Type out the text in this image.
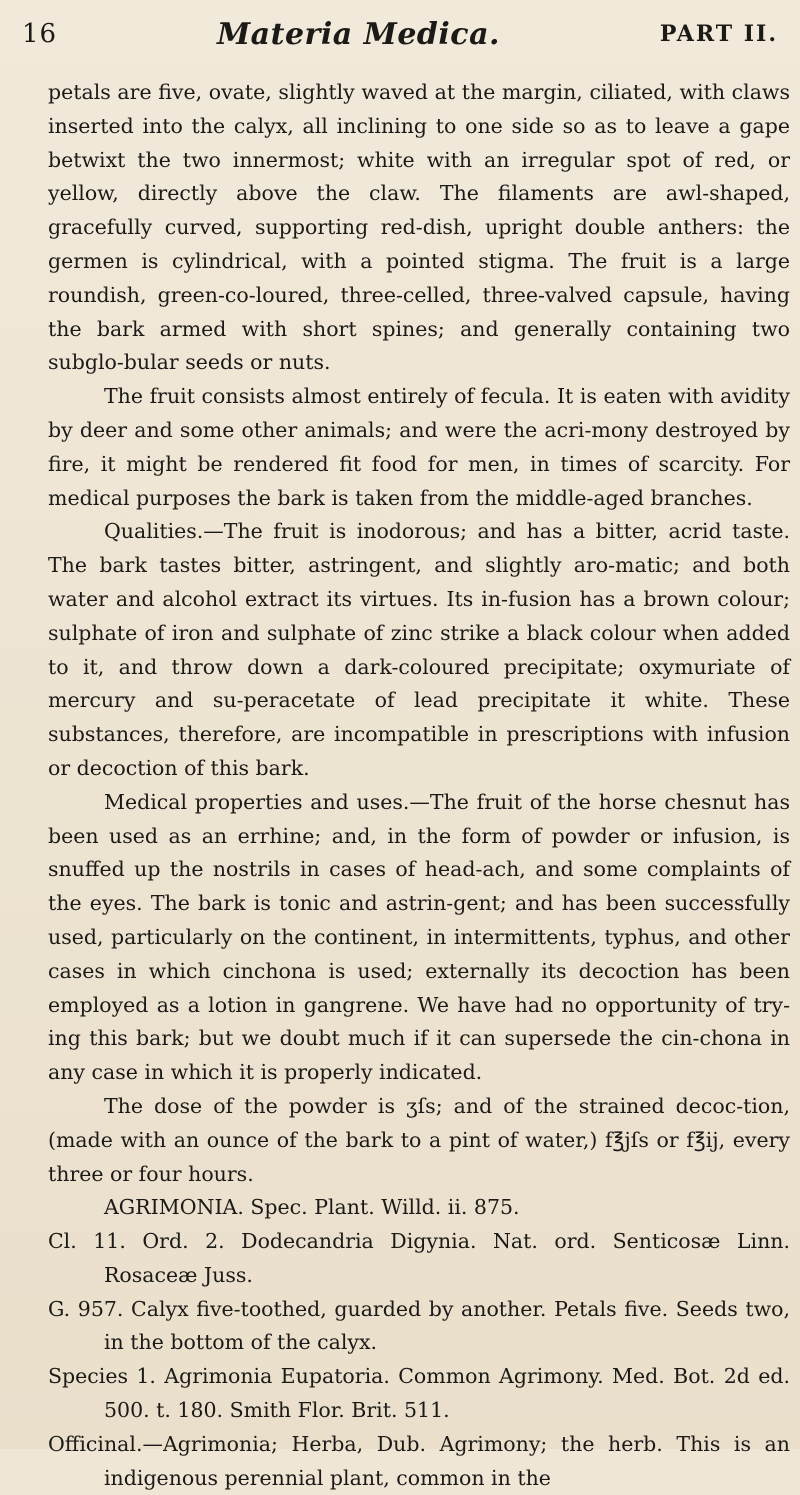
16	Materia Medica.	PART II.

petals are five, ovate, slightly waved at the margin, ciliated, with claws inserted into the calyx, all inclining to one side so as to leave a gape betwixt the two innermost; white with an irregular spot of red, or yellow, directly above the claw. The filaments are awl-shaped, gracefully curved, supporting red-dish, upright double anthers: the germen is cylindrical, with a pointed stigma. The fruit is a large roundish, green-co-loured, three-celled, three-valved capsule, having the bark armed with short spines; and generally containing two subglo-bular seeds or nuts.

The fruit consists almost entirely of fecula. It is eaten with avidity by deer and some other animals; and were the acri-mony destroyed by fire, it might be rendered fit food for men, in times of scarcity. For medical purposes the bark is taken from the middle-aged branches.

Qualities.—The fruit is inodorous; and has a bitter, acrid taste. The bark tastes bitter, astringent, and slightly aro-matic; and both water and alcohol extract its virtues. Its in-fusion has a brown colour; sulphate of iron and sulphate of zinc strike a black colour when added to it, and throw down a dark-coloured precipitate; oxymuriate of mercury and su-peracetate of lead precipitate it white. These substances, therefore, are incompatible in prescriptions with infusion or decoction of this bark.

Medical properties and uses.—The fruit of the horse chesnut has been used as an errhine; and, in the form of powder or infusion, is snuffed up the nostrils in cases of head-ach, and some complaints of the eyes. The bark is tonic and astrin-gent; and has been successfully used, particularly on the continent, in intermittents, typhus, and other cases in which cinchona is used; externally its decoction has been employed as a lotion in gangrene. We have had no opportunity of try-ing this bark; but we doubt much if it can supersede the cin-chona in any case in which it is properly indicated.

The dose of the powder is ʒſs; and of the strained decoc-tion, (made with an ounce of the bark to a pint of water,) f℥jſs or f℥ij, every three or four hours.

AGRIMONIA. Spec. Plant. Willd. ii. 875.

Cl. 11. Ord. 2. Dodecandria Digynia. Nat. ord. Senticosæ Linn. Rosaceæ Juss.

G. 957. Calyx five-toothed, guarded by another. Petals five. Seeds two, in the bottom of the calyx.

Species 1. Agrimonia Eupatoria. Common Agrimony. Med. Bot. 2d ed. 500. t. 180. Smith Flor. Brit. 511.

Officinal.—Agrimonia; Herba, Dub. Agrimony; the herb. This is an indigenous perennial plant, common in the
